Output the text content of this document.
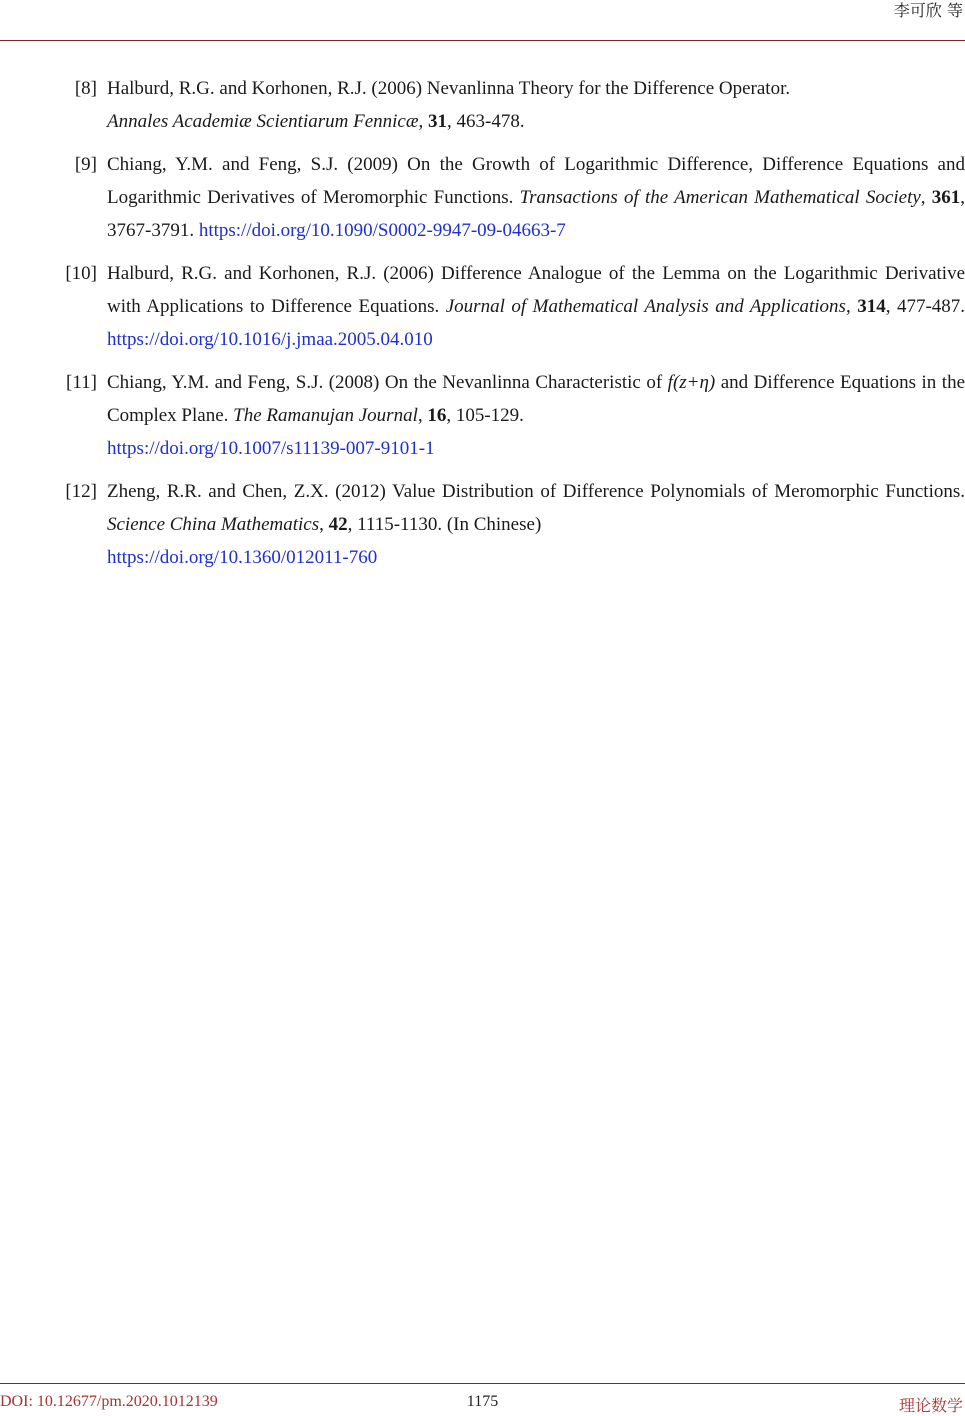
李可欣 等
[8] Halburd, R.G. and Korhonen, R.J. (2006) Nevanlinna Theory for the Difference Operator.
Annales Academiæ Scientiarum Fennicæ, 31, 463-478.
[9] Chiang, Y.M. and Feng, S.J. (2009) On the Growth of Logarithmic Difference, Difference Equations and Logarithmic Derivatives of Meromorphic Functions. Transactions of the American Mathematical Society, 361, 3767-3791. https://doi.org/10.1090/S0002-9947-09-04663-7
[10] Halburd, R.G. and Korhonen, R.J. (2006) Difference Analogue of the Lemma on the Logarithmic Derivative with Applications to Difference Equations. Journal of Mathematical Analysis and Applications, 314, 477-487. https://doi.org/10.1016/j.jmaa.2005.04.010
[11] Chiang, Y.M. and Feng, S.J. (2008) On the Nevanlinna Characteristic of f(z+η) and Difference Equations in the Complex Plane. The Ramanujan Journal, 16, 105-129.
https://doi.org/10.1007/s11139-007-9101-1
[12] Zheng, R.R. and Chen, Z.X. (2012) Value Distribution of Difference Polynomials of Meromorphic Functions. Science China Mathematics, 42, 1115-1130. (In Chinese)
https://doi.org/10.1360/012011-760
DOI: 10.12677/pm.2020.1012139	1175	理论数学
